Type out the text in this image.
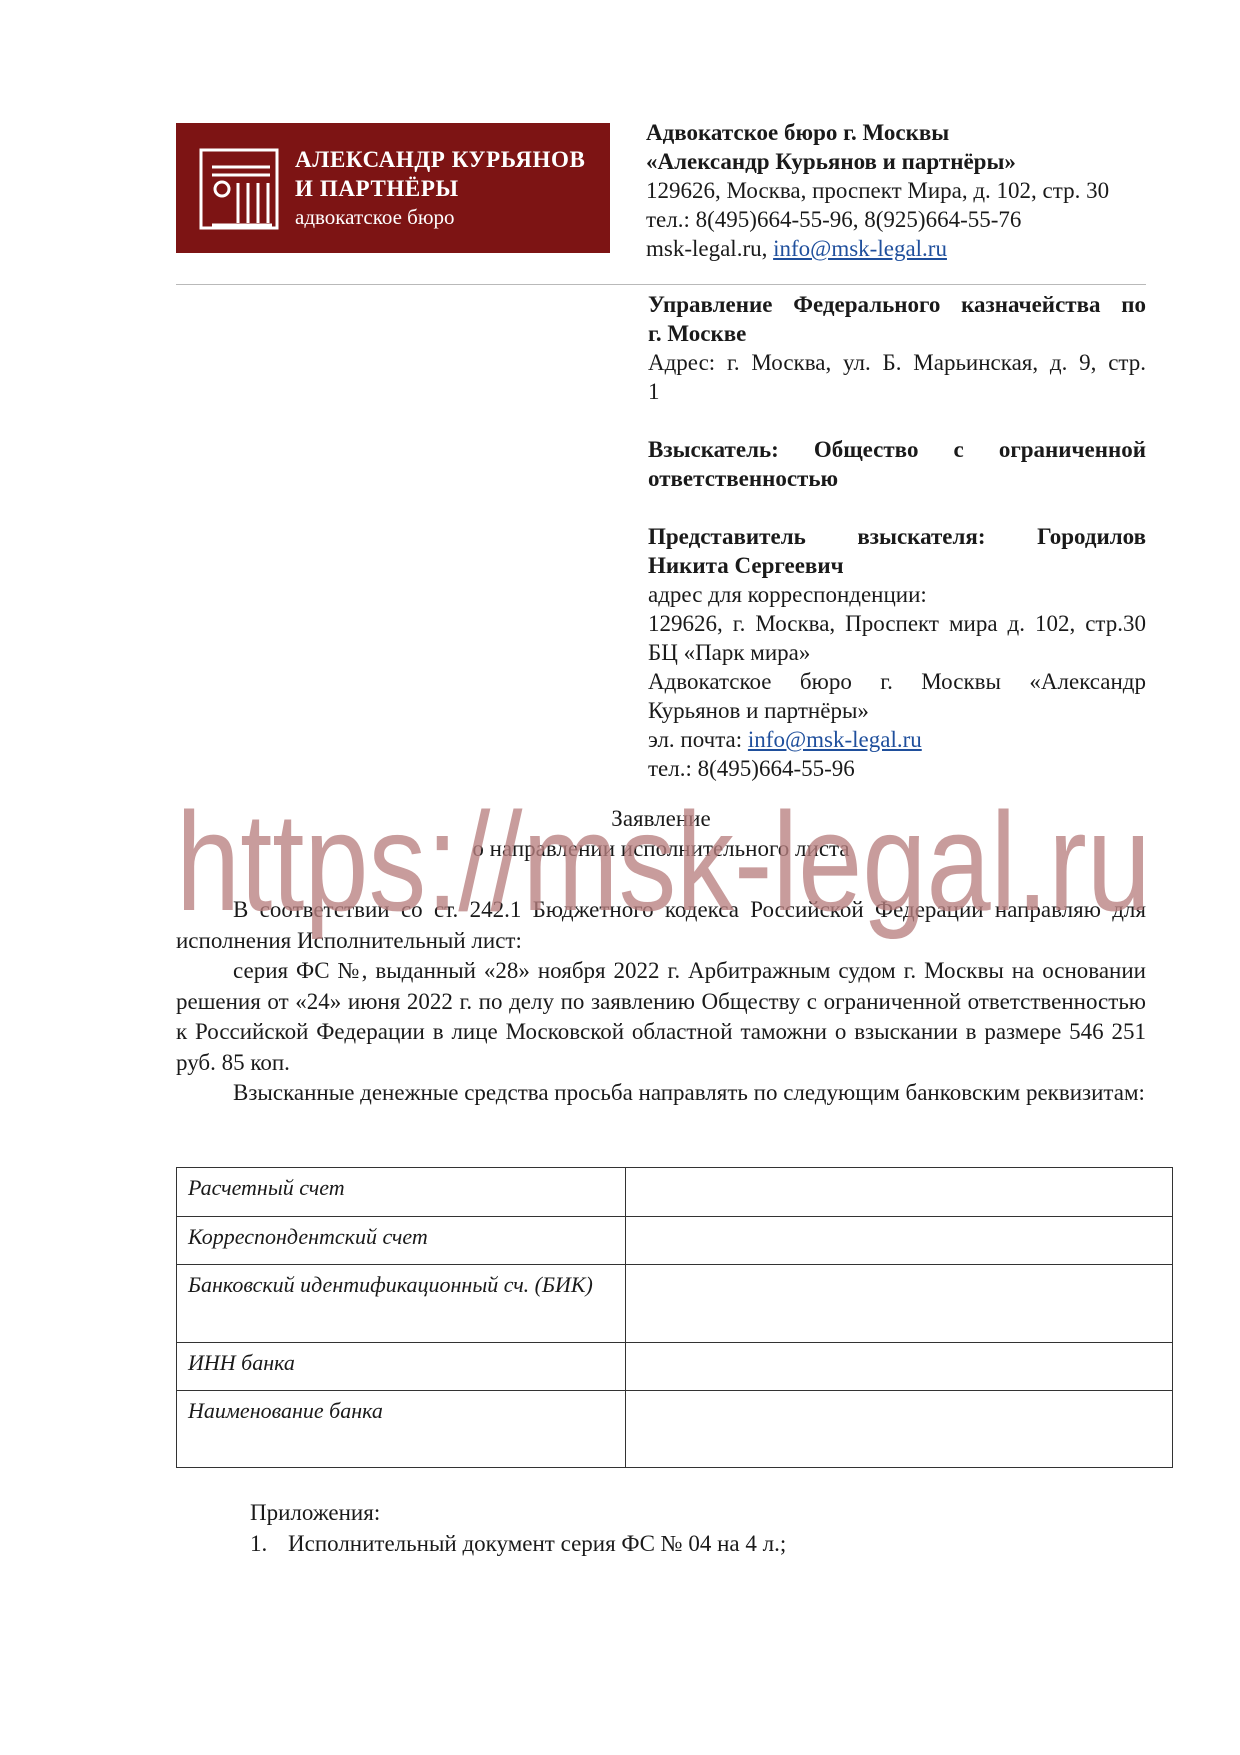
АЛЕКСАНДР КУРЬЯНОВ
И ПАРТНЁРЫ
адвокатское бюро
Адвокатское бюро г. Москвы
«Александр Курьянов и партнёры»
129626, Москва, проспект Мира, д. 102, стр. 30
тел.: 8(495)664-55-96, 8(925)664-55-76
msk-legal.ru, info@msk-legal.ru
Управление Федерального казначейства по
г. Москве
Адрес: г. Москва, ул. Б. Марьинская, д. 9, стр.
1
Взыскатель: Общество с ограниченной
ответственностью
Представитель взыскателя: Городилов
Никита Сергеевич
адрес для корреспонденции:
129626, г. Москва, Проспект мира д. 102, стр.30
БЦ «Парк мира»
Адвокатское бюро г. Москвы «Александр
Курьянов и партнёры»
эл. почта: info@msk-legal.ru
тел.: 8(495)664-55-96
Заявление
о направлении исполнительного листа

В соответствии со ст. 242.1 Бюджетного кодекса Российской Федерации направляю для исполнения Исполнительный лист:

серия ФС №, выданный «28» ноября 2022 г. Арбитражным судом г. Москвы на основании решения от «24» июня 2022 г. по делу по заявлению Обществу с ограниченной ответственностью к Российской Федерации в лице Московской областной таможни о взыскании в размере 546 251 руб. 85 коп.

Взысканные денежные средства просьба направлять по следующим банковским реквизитам:

Расчетный счет	
Корреспондентский счет	
Банковский идентификационный сч. (БИК)	
ИНН банка	
Наименование банка	
Приложения:
1. Исполнительный документ серия ФС № 04 на 4 л.;
https://msk-legal.ru
